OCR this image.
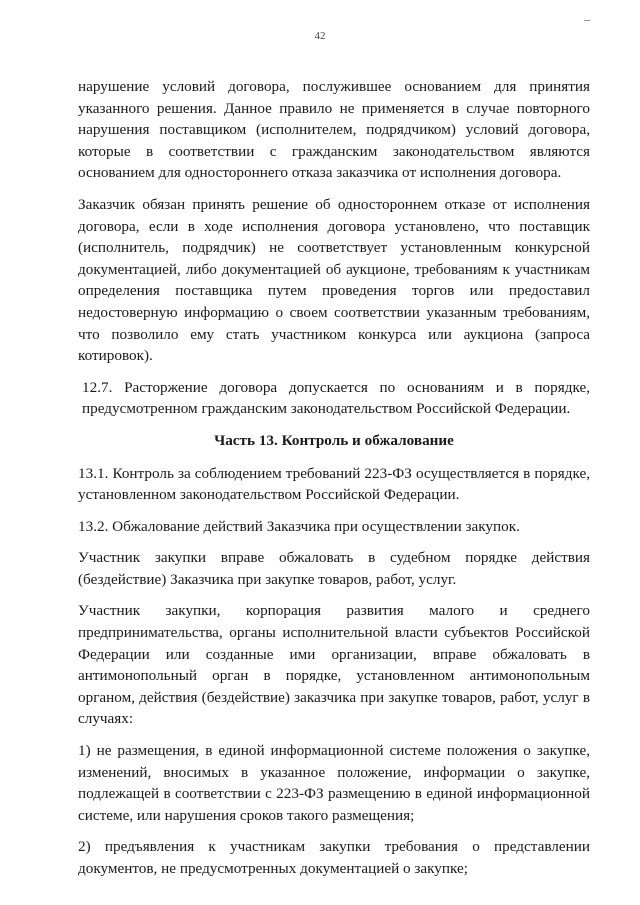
42

нарушение условий договора, послужившее основанием для принятия указанного решения. Данное правило не применяется в случае повторного нарушения поставщиком (исполнителем, подрядчиком) условий договора, которые в соответствии с гражданским законодательством являются основанием для одностороннего отказа заказчика от исполнения договора.

Заказчик обязан принять решение об одностороннем отказе от исполнения договора, если в ходе исполнения договора установлено, что поставщик (исполнитель, подрядчик) не соответствует установленным конкурсной документацией, либо документацией об аукционе, требованиям к участникам определения поставщика путем проведения торгов или предоставил недостоверную информацию о своем соответствии указанным требованиям, что позволило ему стать участником конкурса или аукциона (запроса котировок).

12.7. Расторжение договора допускается по основаниям и в порядке, предусмотренном гражданским законодательством Российской Федерации.

Часть 13. Контроль и обжалование

13.1. Контроль за соблюдением требований 223-ФЗ осуществляется в порядке, установленном законодательством Российской Федерации.

13.2. Обжалование действий Заказчика при осуществлении закупок.

Участник закупки вправе обжаловать в судебном порядке действия (бездействие) Заказчика при закупке товаров, работ, услуг.

Участник закупки, корпорация развития малого и среднего предпринимательства, органы исполнительной власти субъектов Российской Федерации или созданные ими организации, вправе обжаловать в антимонопольный орган в порядке, установленном антимонопольным органом, действия (бездействие) заказчика при закупке товаров, работ, услуг в случаях:

1) не размещения, в единой информационной системе положения о закупке, изменений, вносимых в указанное положение, информации о закупке, подлежащей в соответствии с 223-ФЗ размещению в единой информационной системе, или нарушения сроков такого размещения;

2) предъявления к участникам закупки требования о представлении документов, не предусмотренных документацией о закупке;
